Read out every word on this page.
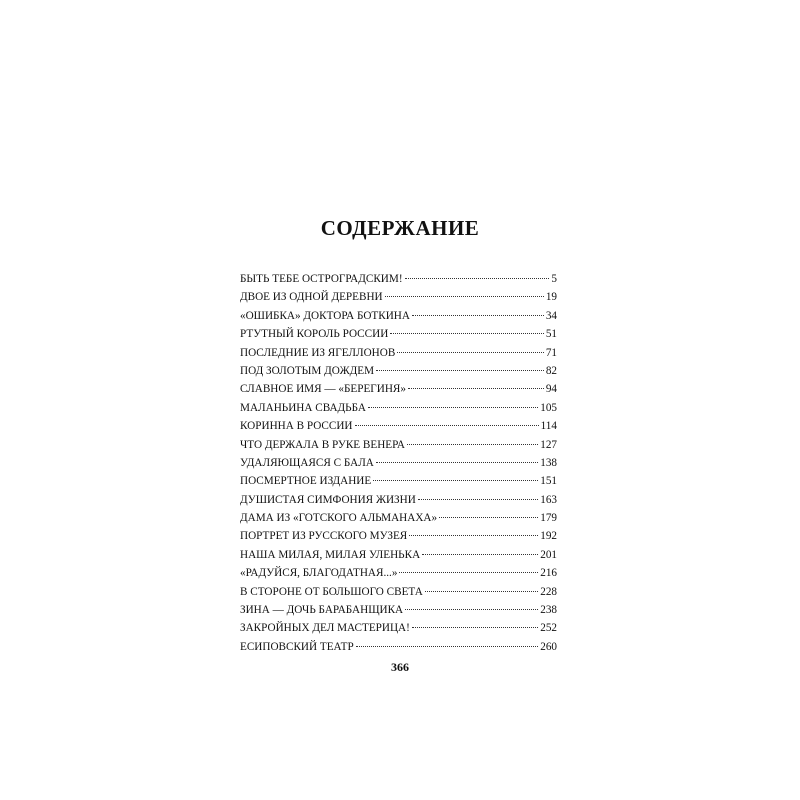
СОДЕРЖАНИЕ
БЫТЬ ТЕБЕ ОСТРОГРАДСКИМ!	5
ДВОЕ ИЗ ОДНОЙ ДЕРЕВНИ	19
«ОШИБКА» ДОКТОРА БОТКИНА	34
РТУТНЫЙ КОРОЛЬ РОССИИ	51
ПОСЛЕДНИЕ ИЗ ЯГЕЛЛОНОВ	71
ПОД ЗОЛОТЫМ ДОЖДЕМ	82
СЛАВНОЕ ИМЯ — «БЕРЕГИНЯ»	94
МАЛАНЬИНА СВАДЬБА	105
КОРИННА В РОССИИ	114
ЧТО ДЕРЖАЛА В РУКЕ ВЕНЕРА	127
УДАЛЯЮЩАЯСЯ С БАЛА	138
ПОСМЕРТНОЕ ИЗДАНИЕ	151
ДУШИСТАЯ СИМФОНИЯ ЖИЗНИ	163
ДАМА ИЗ «ГОТСКОГО АЛЬМАНАХА»	179
ПОРТРЕТ ИЗ РУССКОГО МУЗЕЯ	192
НАША МИЛАЯ, МИЛАЯ УЛЕНЬКА	201
«РАДУЙСЯ, БЛАГОДАТНАЯ...»	216
В СТОРОНЕ ОТ БОЛЬШОГО СВЕТА	228
ЗИНА — ДОЧЬ БАРАБАНЩИКА	238
ЗАКРОЙНЫХ ДЕЛ МАСТЕРИЦА!	252
ЕСИПОВСКИЙ ТЕАТР	260
366
